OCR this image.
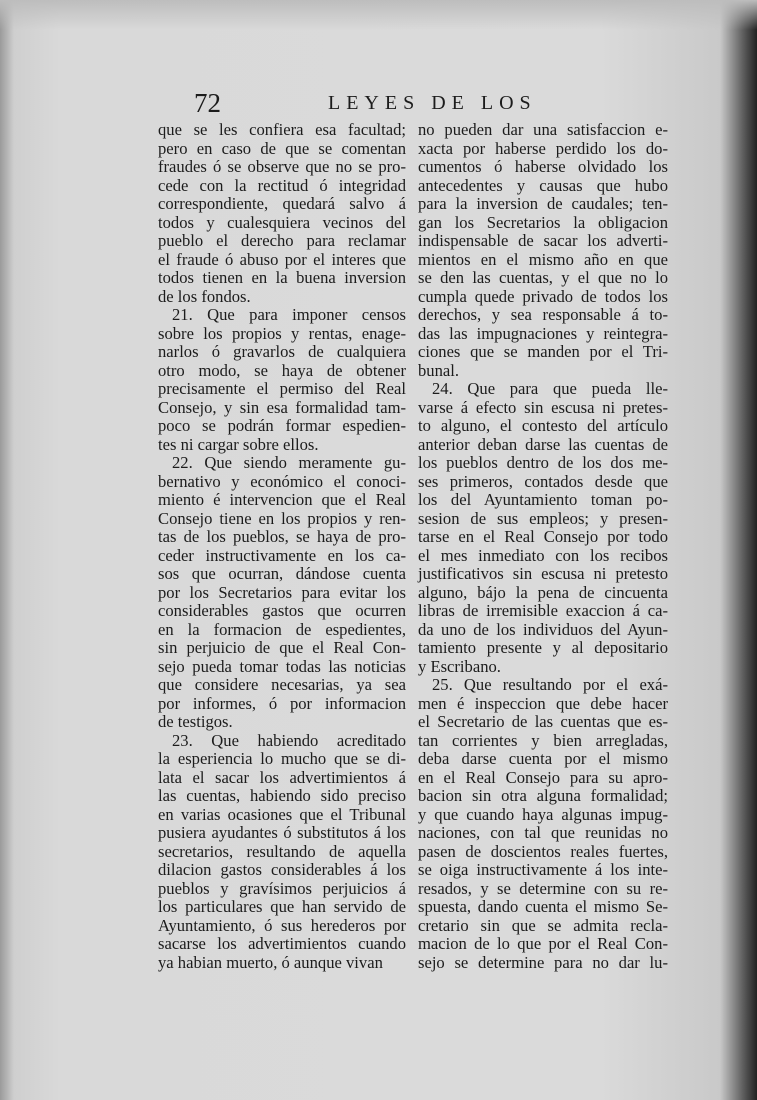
72	LEYES DE LOS
que se les confiera esa facultad;
pero en caso de que se comentan
fraudes ó se observe que no se pro-
cede con la rectitud ó integridad
correspondiente, quedará salvo á
todos y cualesquiera vecinos del
pueblo el derecho para reclamar
el fraude ó abuso por el interes que
todos tienen en la buena inversion
de los fondos.
21. Que para imponer censos
sobre los propios y rentas, enage-
narlos ó gravarlos de cualquiera
otro modo, se haya de obtener
precisamente el permiso del Real
Consejo, y sin esa formalidad tam-
poco se podrán formar espedien-
tes ni cargar sobre ellos.
22. Que siendo meramente gu-
bernativo y económico el conoci-
miento é intervencion que el Real
Consejo tiene en los propios y ren-
tas de los pueblos, se haya de pro-
ceder instructivamente en los ca-
sos que ocurran, dándose cuenta
por los Secretarios para evitar los
considerables gastos que ocurren
en la formacion de espedientes,
sin perjuicio de que el Real Con-
sejo pueda tomar todas las noticias
que considere necesarias, ya sea
por informes, ó por informacion
de testigos.
23. Que habiendo acreditado
la esperiencia lo mucho que se di-
lata el sacar los advertimientos á
las cuentas, habiendo sido preciso
en varias ocasiones que el Tribunal
pusiera ayudantes ó substitutos á los
secretarios, resultando de aquella
dilacion gastos considerables á los
pueblos y gravísimos perjuicios á
los particulares que han servido de
Ayuntamiento, ó sus herederos por
sacarse los advertimientos cuando
ya habian muerto, ó aunque vivan
no pueden dar una satisfaccion e-
xacta por haberse perdido los do-
cumentos ó haberse olvidado los
antecedentes y causas que hubo
para la inversion de caudales; ten-
gan los Secretarios la obligacion
indispensable de sacar los adverti-
mientos en el mismo año en que
se den las cuentas, y el que no lo
cumpla quede privado de todos los
derechos, y sea responsable á to-
das las impugnaciones y reintegra-
ciones que se manden por el Tri-
bunal.
24. Que para que pueda lle-
varse á efecto sin escusa ni pretes-
to alguno, el contesto del artículo
anterior deban darse las cuentas de
los pueblos dentro de los dos me-
ses primeros, contados desde que
los del Ayuntamiento toman po-
sesion de sus empleos; y presen-
tarse en el Real Consejo por todo
el mes inmediato con los recibos
justificativos sin escusa ni pretesto
alguno, bájo la pena de cincuenta
libras de irremisible exaccion á ca-
da uno de los individuos del Ayun-
tamiento presente y al depositario
y Escribano.
25. Que resultando por el exá-
men é inspeccion que debe hacer
el Secretario de las cuentas que es-
tan corrientes y bien arregladas,
deba darse cuenta por el mismo
en el Real Consejo para su apro-
bacion sin otra alguna formalidad;
y que cuando haya algunas impug-
naciones, con tal que reunidas no
pasen de doscientos reales fuertes,
se oiga instructivamente á los inte-
resados, y se determine con su re-
spuesta, dando cuenta el mismo Se-
cretario sin que se admita recla-
macion de lo que por el Real Con-
sejo se determine para no dar lu-
